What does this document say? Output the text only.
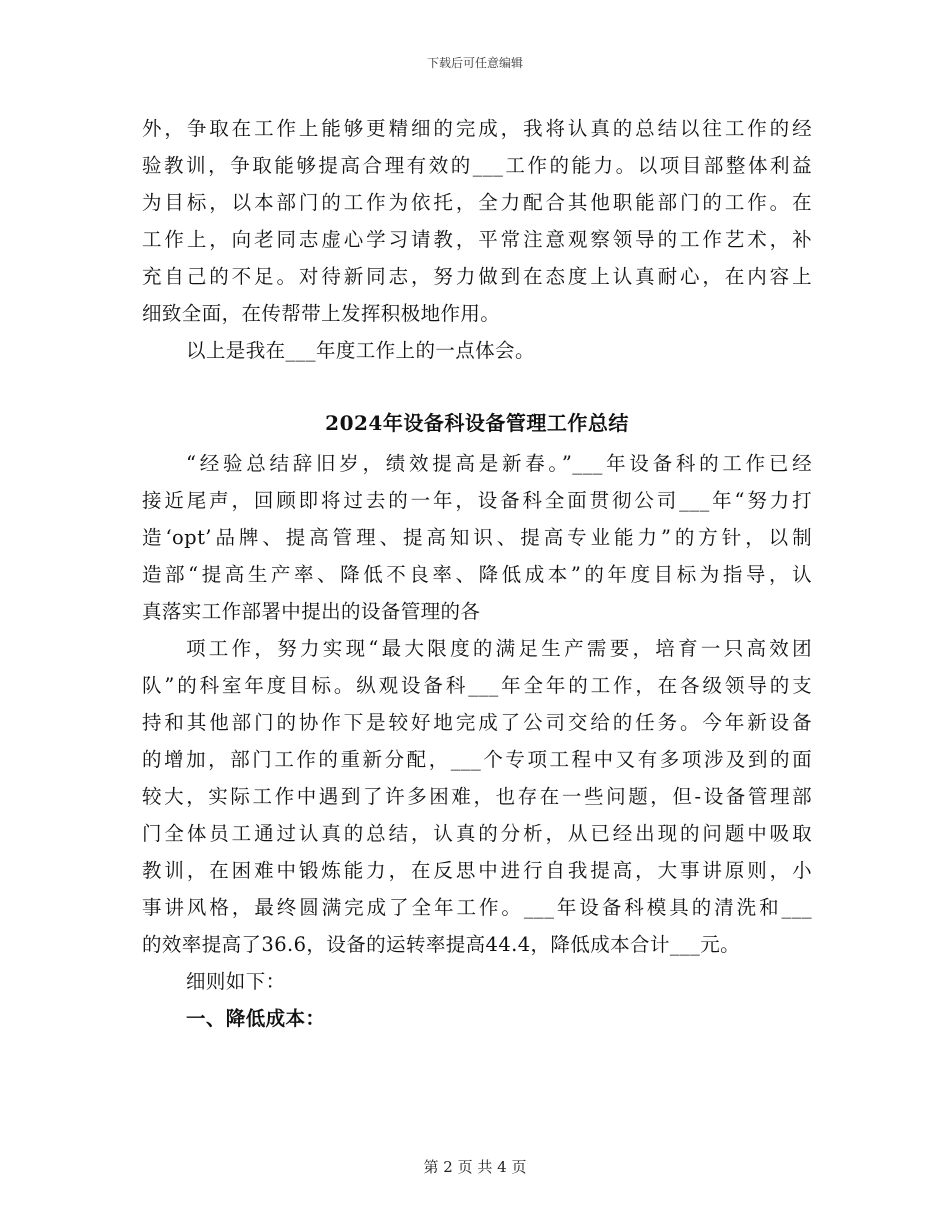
下载后可任意编辑
外，争取在工作上能够更精细的完成，我将认真的总结以往工作的经
验教训，争取能够提高合理有效的___工作的能力。以项目部整体利益
为目标，以本部门的工作为依托，全力配合其他职能部门的工作。在
工作上，向老同志虚心学习请教，平常注意观察领导的工作艺术，补
充自己的不足。对待新同志，努力做到在态度上认真耐心，在内容上
细致全面，在传帮带上发挥积极地作用。
以上是我在___年度工作上的一点体会。
2024年设备科设备管理工作总结
“经验总结辞旧岁，绩效提高是新春。”___年设备科的工作已经
接近尾声，回顾即将过去的一年，设备科全面贯彻公司___年“努力打
造‘opt’品牌、提高管理、提高知识、提高专业能力”的方针，以制
造部“提高生产率、降低不良率、降低成本”的年度目标为指导，认
真落实工作部署中提出的设备管理的各
项工作，努力实现“最大限度的满足生产需要，培育一只高效团
队”的科室年度目标。纵观设备科___年全年的工作，在各级领导的支
持和其他部门的协作下是较好地完成了公司交给的任务。今年新设备
的增加，部门工作的重新分配，___个专项工程中又有多项涉及到的面
较大，实际工作中遇到了许多困难，也存在一些问题，但-设备管理部
门全体员工通过认真的总结，认真的分析，从已经出现的问题中吸取
教训，在困难中锻炼能力，在反思中进行自我提高，大事讲原则，小
事讲风格，最终圆满完成了全年工作。___年设备科模具的清洗和___
的效率提高了36.6，设备的运转率提高44.4，降低成本合计___元。
细则如下：
一、降低成本：
第 2 页 共 4 页
